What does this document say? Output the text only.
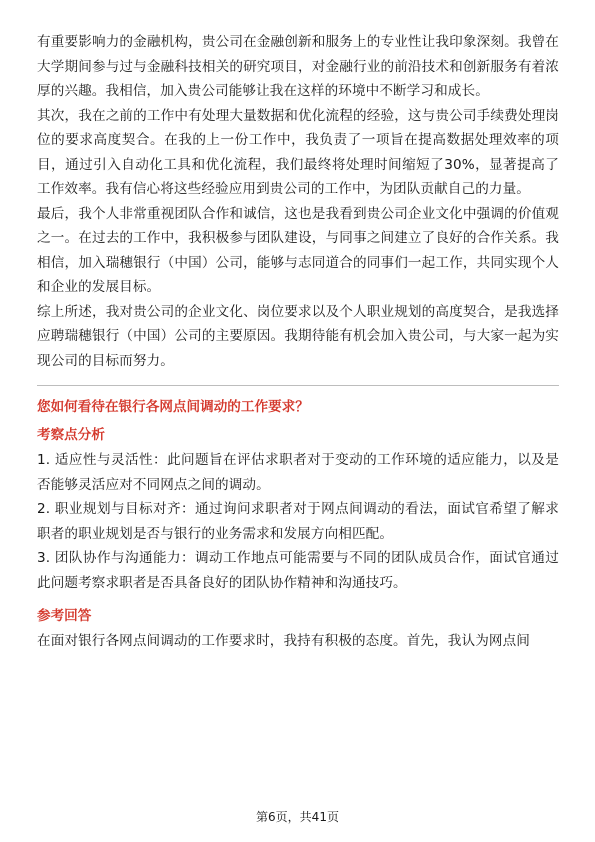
有重要影响力的金融机构，贵公司在金融创新和服务上的专业性让我印象深刻。我曾在大学期间参与过与金融科技相关的研究项目，对金融行业的前沿技术和创新服务有着浓厚的兴趣。我相信，加入贵公司能够让我在这样的环境中不断学习和成长。

其次，我在之前的工作中有处理大量数据和优化流程的经验，这与贵公司手续费处理岗位的要求高度契合。在我的上一份工作中，我负责了一项旨在提高数据处理效率的项目，通过引入自动化工具和优化流程，我们最终将处理时间缩短了30%，显著提高了工作效率。我有信心将这些经验应用到贵公司的工作中，为团队贡献自己的力量。

最后，我个人非常重视团队合作和诚信，这也是我看到贵公司企业文化中强调的价值观之一。在过去的工作中，我积极参与团队建设，与同事之间建立了良好的合作关系。我相信，加入瑞穗银行（中国）公司，能够与志同道合的同事们一起工作，共同实现个人和企业的发展目标。

综上所述，我对贵公司的企业文化、岗位要求以及个人职业规划的高度契合，是我选择应聘瑞穗银行（中国）公司的主要原因。我期待能有机会加入贵公司，与大家一起为实现公司的目标而努力。

您如何看待在银行各网点间调动的工作要求？
考察点分析

1. 适应性与灵活性：此问题旨在评估求职者对于变动的工作环境的适应能力，以及是否能够灵活应对不同网点之间的调动。

2. 职业规划与目标对齐：通过询问求职者对于网点间调动的看法，面试官希望了解求职者的职业规划是否与银行的业务需求和发展方向相匹配。

3. 团队协作与沟通能力：调动工作地点可能需要与不同的团队成员合作，面试官通过此问题考察求职者是否具备良好的团队协作精神和沟通技巧。

参考回答

在面对银行各网点间调动的工作要求时，我持有积极的态度。首先，我认为网点间

第6页，共41页
